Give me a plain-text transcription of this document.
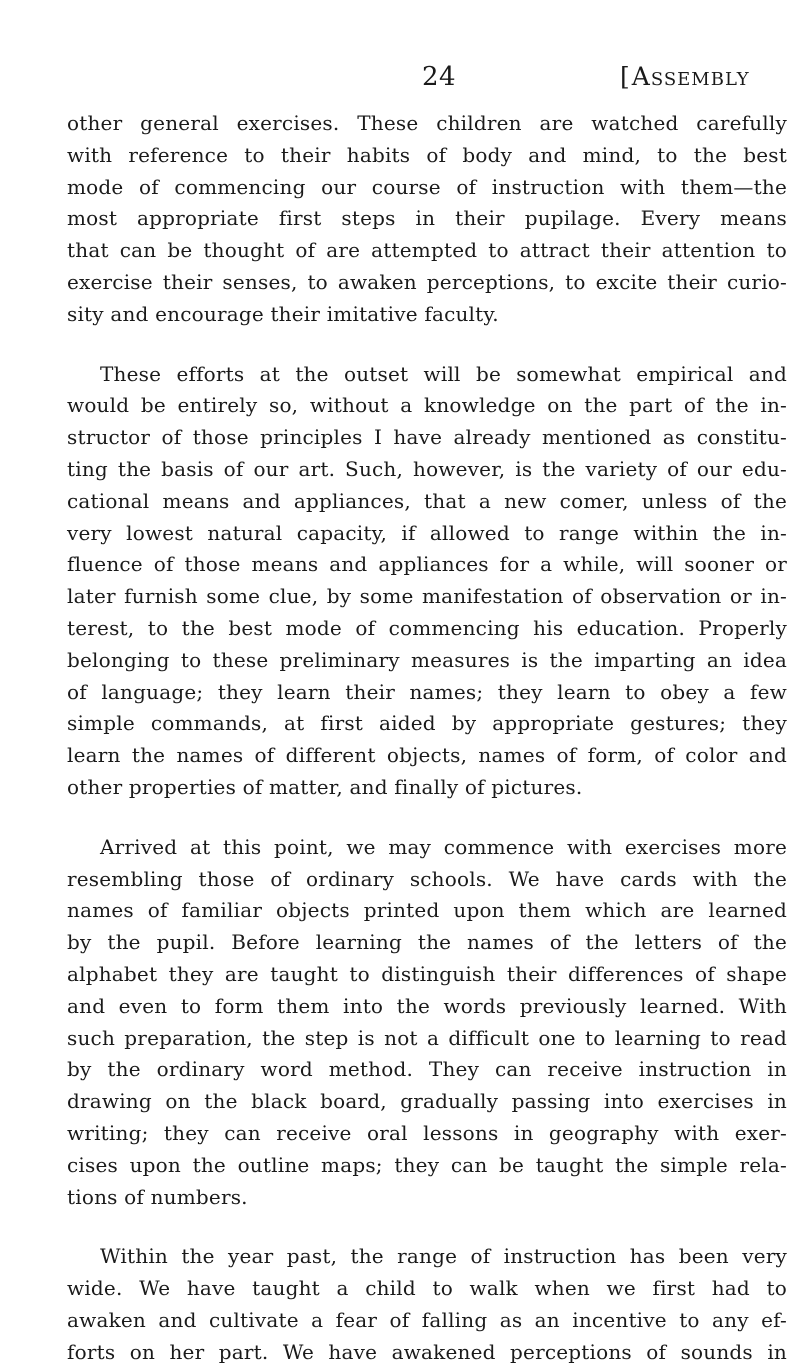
24	[Assembly

other general exercises. These children are watched carefully
with reference to their habits of body and mind, to the best
mode of commencing our course of instruction with them—the
most appropriate first steps in their pupilage. Every means
that can be thought of are attempted to attract their attention to
exercise their senses, to awaken perceptions, to excite their curio-
sity and encourage their imitative faculty.

These efforts at the outset will be somewhat empirical and
would be entirely so, without a knowledge on the part of the in-
structor of those principles I have already mentioned as constitu-
ting the basis of our art. Such, however, is the variety of our edu-
cational means and appliances, that a new comer, unless of the
very lowest natural capacity, if allowed to range within the in-
fluence of those means and appliances for a while, will sooner or
later furnish some clue, by some manifestation of observation or in-
terest, to the best mode of commencing his education. Properly
belonging to these preliminary measures is the imparting an idea
of language; they learn their names; they learn to obey a few
simple commands, at first aided by appropriate gestures; they
learn the names of different objects, names of form, of color and
other properties of matter, and finally of pictures.

Arrived at this point, we may commence with exercises more
resembling those of ordinary schools. We have cards with the
names of familiar objects printed upon them which are learned
by the pupil. Before learning the names of the letters of the
alphabet they are taught to distinguish their differences of shape
and even to form them into the words previously learned. With
such preparation, the step is not a difficult one to learning to read
by the ordinary word method. They can receive instruction in
drawing on the black board, gradually passing into exercises in
writing; they can receive oral lessons in geography with exer-
cises upon the outline maps; they can be taught the simple rela-
tions of numbers.

Within the year past, the range of instruction has been very
wide. We have taught a child to walk when we first had to
awaken and cultivate a fear of falling as an incentive to any ef-
forts on her part. We have awakened perceptions of sounds in
